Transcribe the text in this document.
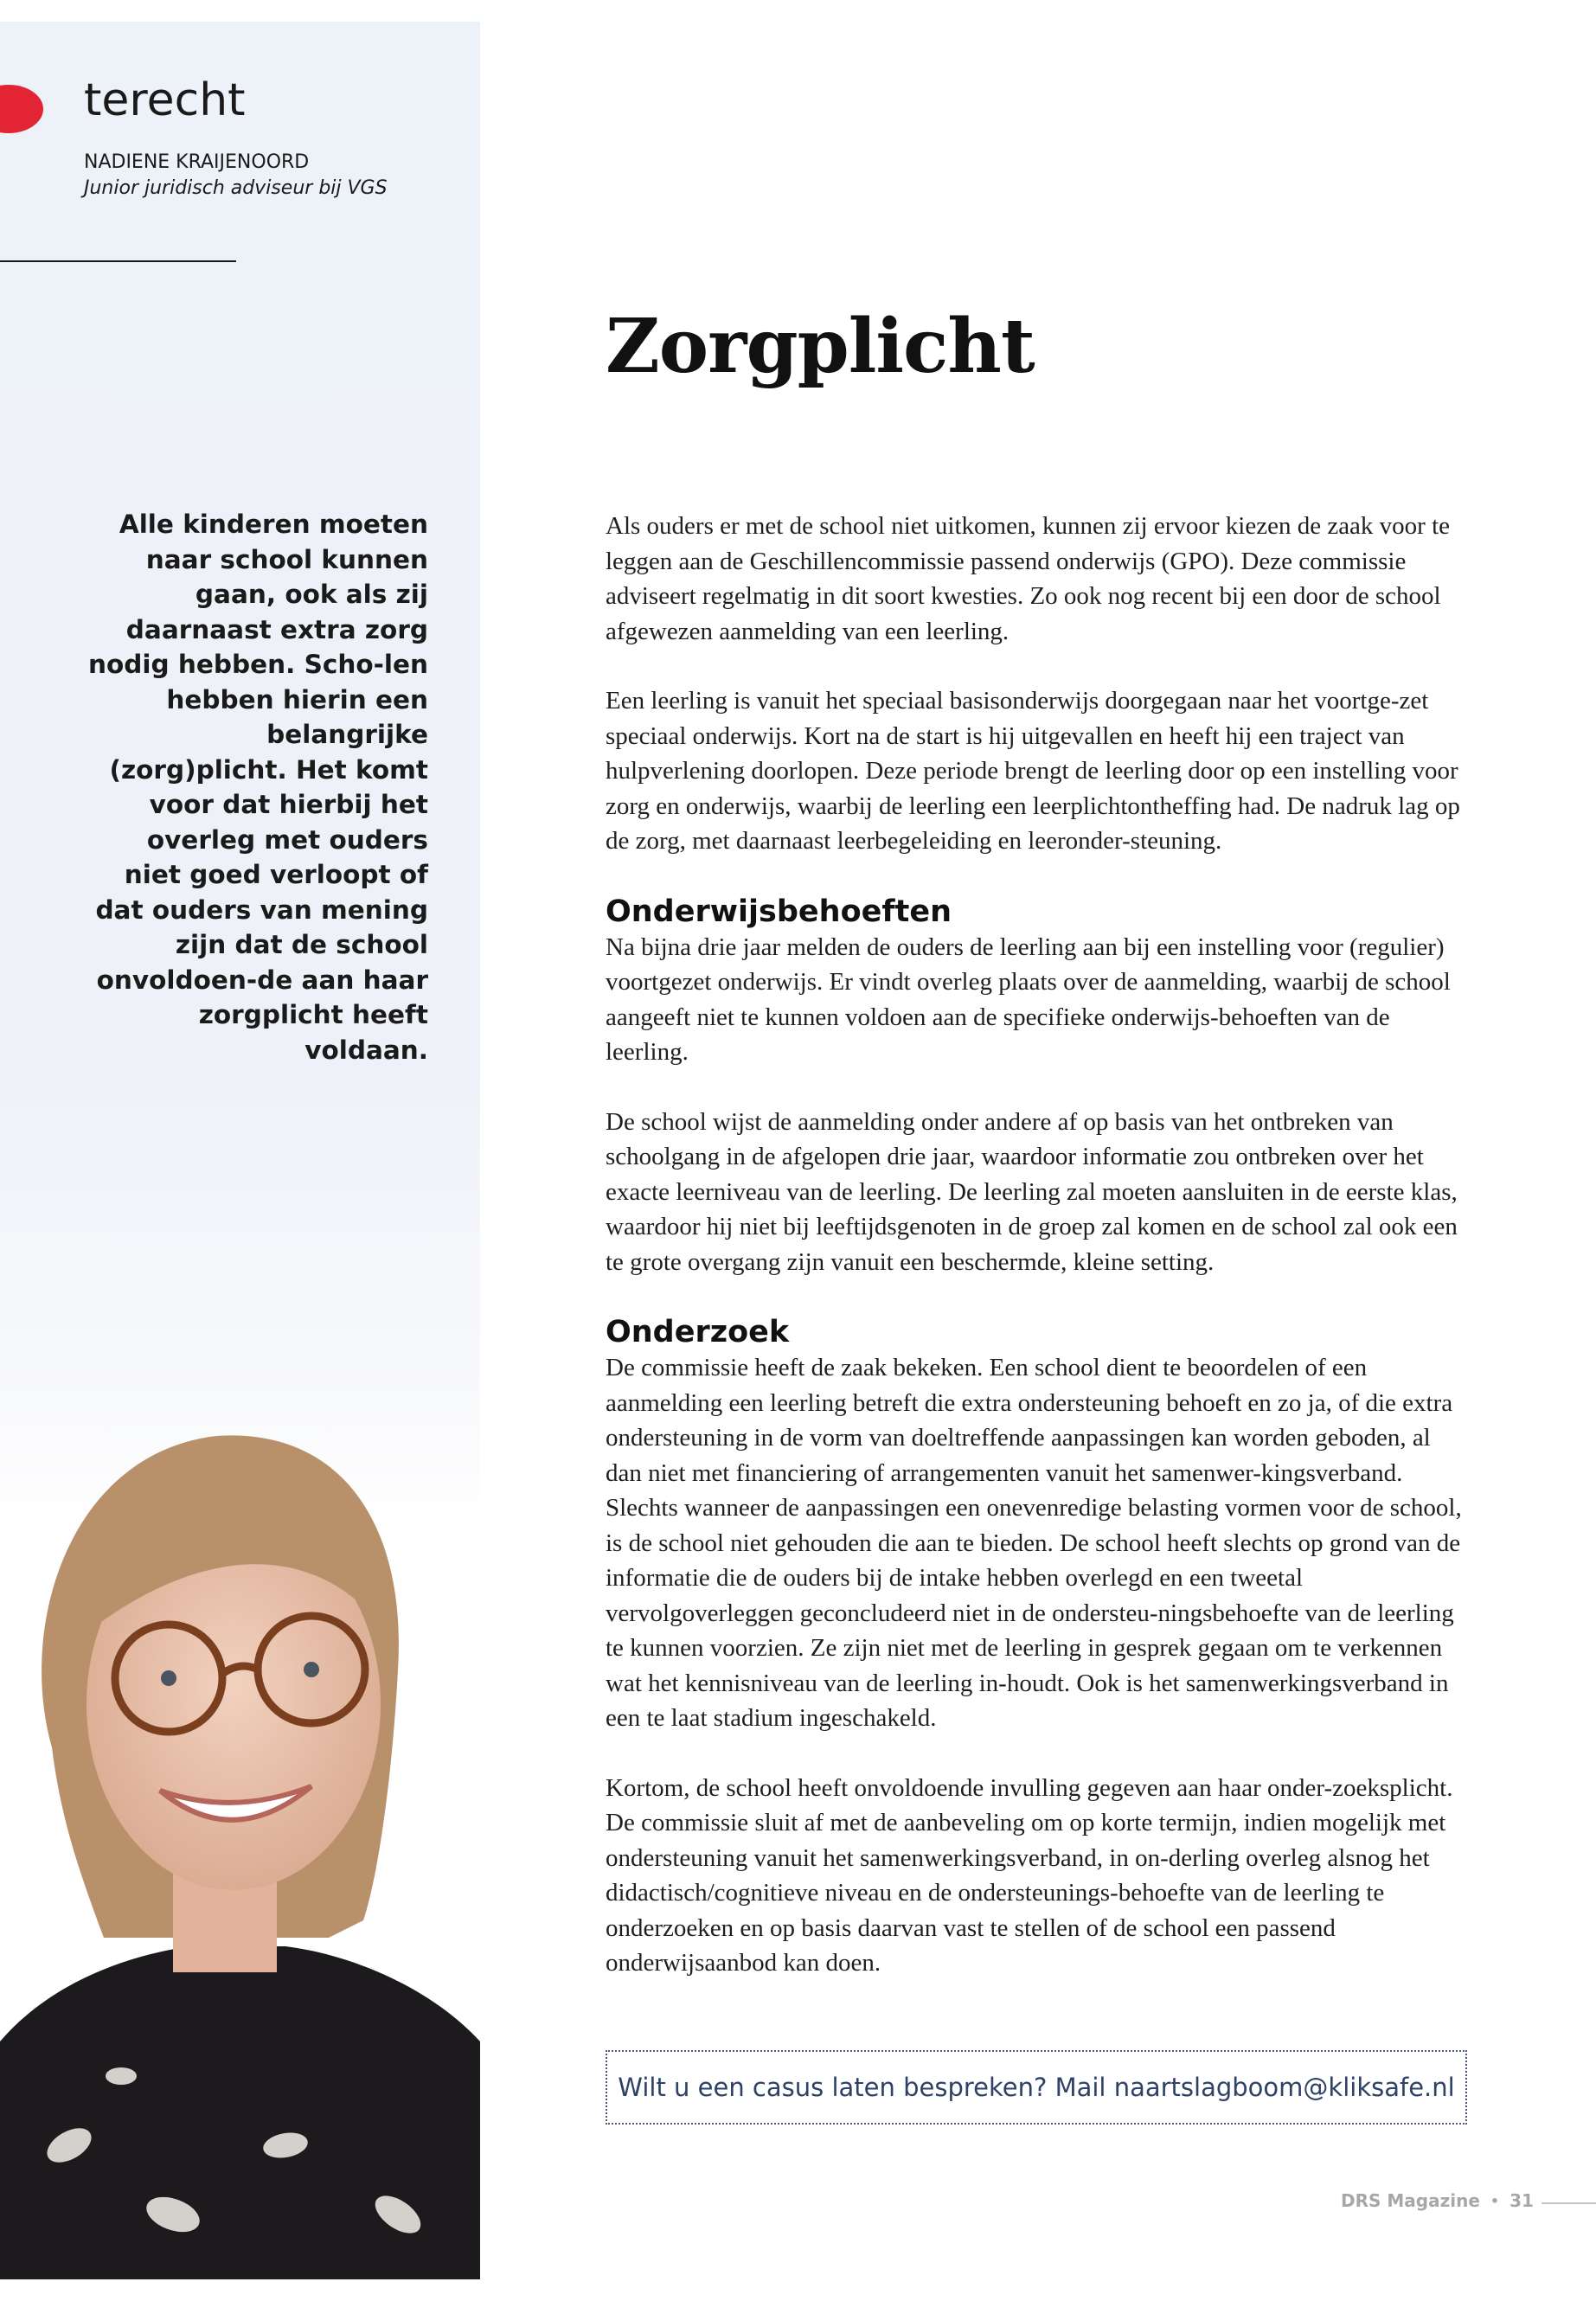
terecht
NADIENE KRAIJENOORD
Junior juridisch adviseur bij VGS

Alle kinderen moeten naar school kunnen gaan, ook als zij daarnaast extra zorg nodig hebben. Scho-len hebben hierin een belangrijke (zorg)plicht. Het komt voor dat hierbij het overleg met ouders niet goed verloopt of dat ouders van mening zijn dat de school onvoldoen-de aan haar zorgplicht heeft voldaan.

Zorgplicht

Als ouders er met de school niet uitkomen, kunnen zij ervoor kiezen de zaak voor te leggen aan de Geschillencommissie passend onderwijs (GPO). Deze commissie adviseert regelmatig in dit soort kwesties. Zo ook nog recent bij een door de school afgewezen aanmelding van een leerling.

Een leerling is vanuit het speciaal basisonderwijs doorgegaan naar het voortge-zet speciaal onderwijs. Kort na de start is hij uitgevallen en heeft hij een traject van hulpverlening doorlopen. Deze periode brengt de leerling door op een instelling voor zorg en onderwijs, waarbij de leerling een leerplichtontheffing had. De nadruk lag op de zorg, met daarnaast leerbegeleiding en leeronder-steuning.

Onderwijsbehoeften

Na bijna drie jaar melden de ouders de leerling aan bij een instelling voor (regulier) voortgezet onderwijs. Er vindt overleg plaats over de aanmelding, waarbij de school aangeeft niet te kunnen voldoen aan de specifieke onderwijs-behoeften van de leerling.

De school wijst de aanmelding onder andere af op basis van het ontbreken van schoolgang in de afgelopen drie jaar, waardoor informatie zou ontbreken over het exacte leerniveau van de leerling. De leerling zal moeten aansluiten in de eerste klas, waardoor hij niet bij leeftijdsgenoten in de groep zal komen en de school zal ook een te grote overgang zijn vanuit een beschermde, kleine setting.

Onderzoek

De commissie heeft de zaak bekeken. Een school dient te beoordelen of een aanmelding een leerling betreft die extra ondersteuning behoeft en zo ja, of die extra ondersteuning in de vorm van doeltreffende aanpassingen kan worden geboden, al dan niet met financiering of arrangementen vanuit het samenwer-kingsverband. Slechts wanneer de aanpassingen een onevenredige belasting vormen voor de school, is de school niet gehouden die aan te bieden. De school heeft slechts op grond van de informatie die de ouders bij de intake hebben overlegd en een tweetal vervolgoverleggen geconcludeerd niet in de ondersteu-ningsbehoefte van de leerling te kunnen voorzien. Ze zijn niet met de leerling in gesprek gegaan om te verkennen wat het kennisniveau van de leerling in-houdt. Ook is het samenwerkingsverband in een te laat stadium ingeschakeld.

Kortom, de school heeft onvoldoende invulling gegeven aan haar onder-zoeksplicht. De commissie sluit af met de aanbeveling om op korte termijn, indien mogelijk met ondersteuning vanuit het samenwerkingsverband, in on-derling overleg alsnog het didactisch/cognitieve niveau en de ondersteunings-behoefte van de leerling te onderzoeken en op basis daarvan vast te stellen of de school een passend onderwijsaanbod kan doen.

Wilt u een casus laten bespreken? Mail naar tslagboom@kliksafe.nl
DRS Magazine • 31
